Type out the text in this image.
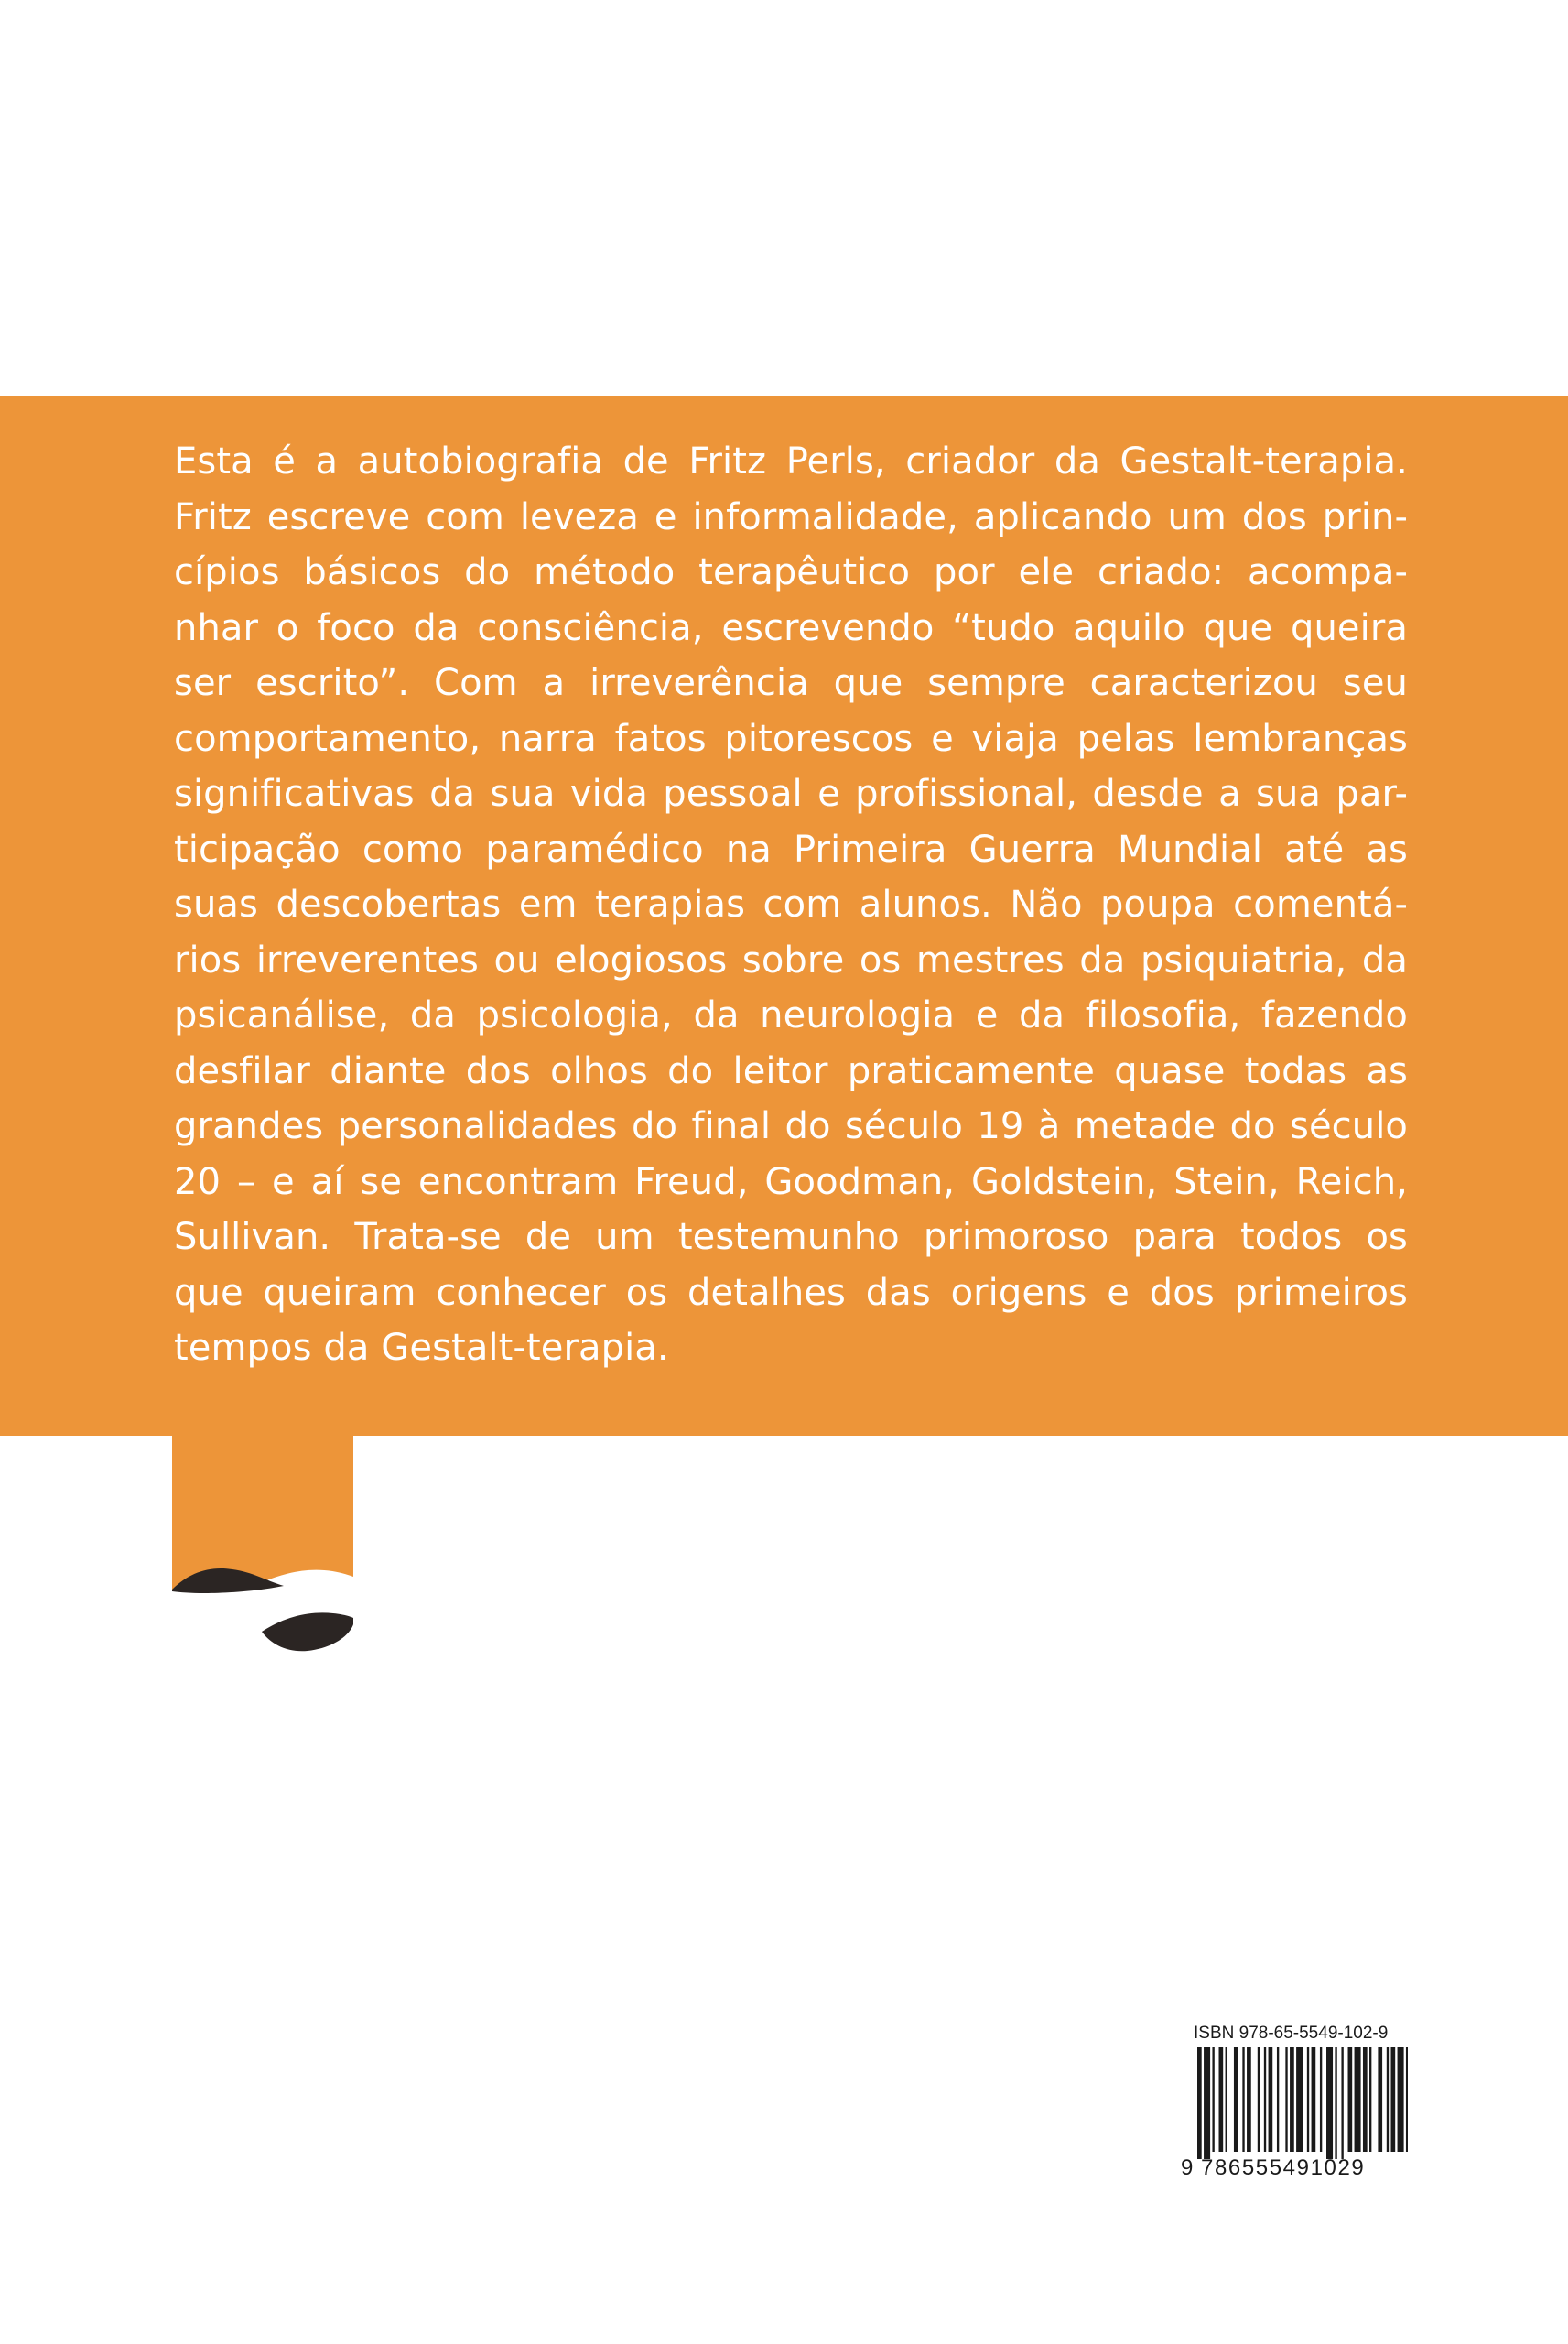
Esta é a autobiografia de Fritz Perls, criador da Gestalt-terapia.
Fritz escreve com leveza e informalidade, aplicando um dos prin-
cípios básicos do método terapêutico por ele criado: acompa-
nhar o foco da consciência, escrevendo “tudo aquilo que queira
ser escrito”. Com a irreverência que sempre caracterizou seu
comportamento, narra fatos pitorescos e viaja pelas lembranças
significativas da sua vida pessoal e profissional, desde a sua par-
ticipação como paramédico na Primeira Guerra Mundial até as
suas descobertas em terapias com alunos. Não poupa comentá-
rios irreverentes ou elogiosos sobre os mestres da psiquiatria, da
psicanálise, da psicologia, da neurologia e da filosofia, fazendo
desfilar diante dos olhos do leitor praticamente quase todas as
grandes personalidades do final do século 19 à metade do século
20 – e aí se encontram Freud, Goodman, Goldstein, Stein, Reich,
Sullivan. Trata-se de um testemunho primoroso para todos os
que queiram conhecer os detalhes das origens e dos primeiros
tempos da Gestalt-terapia.

ISBN 978-65-5549-102-9

9 786555491029
